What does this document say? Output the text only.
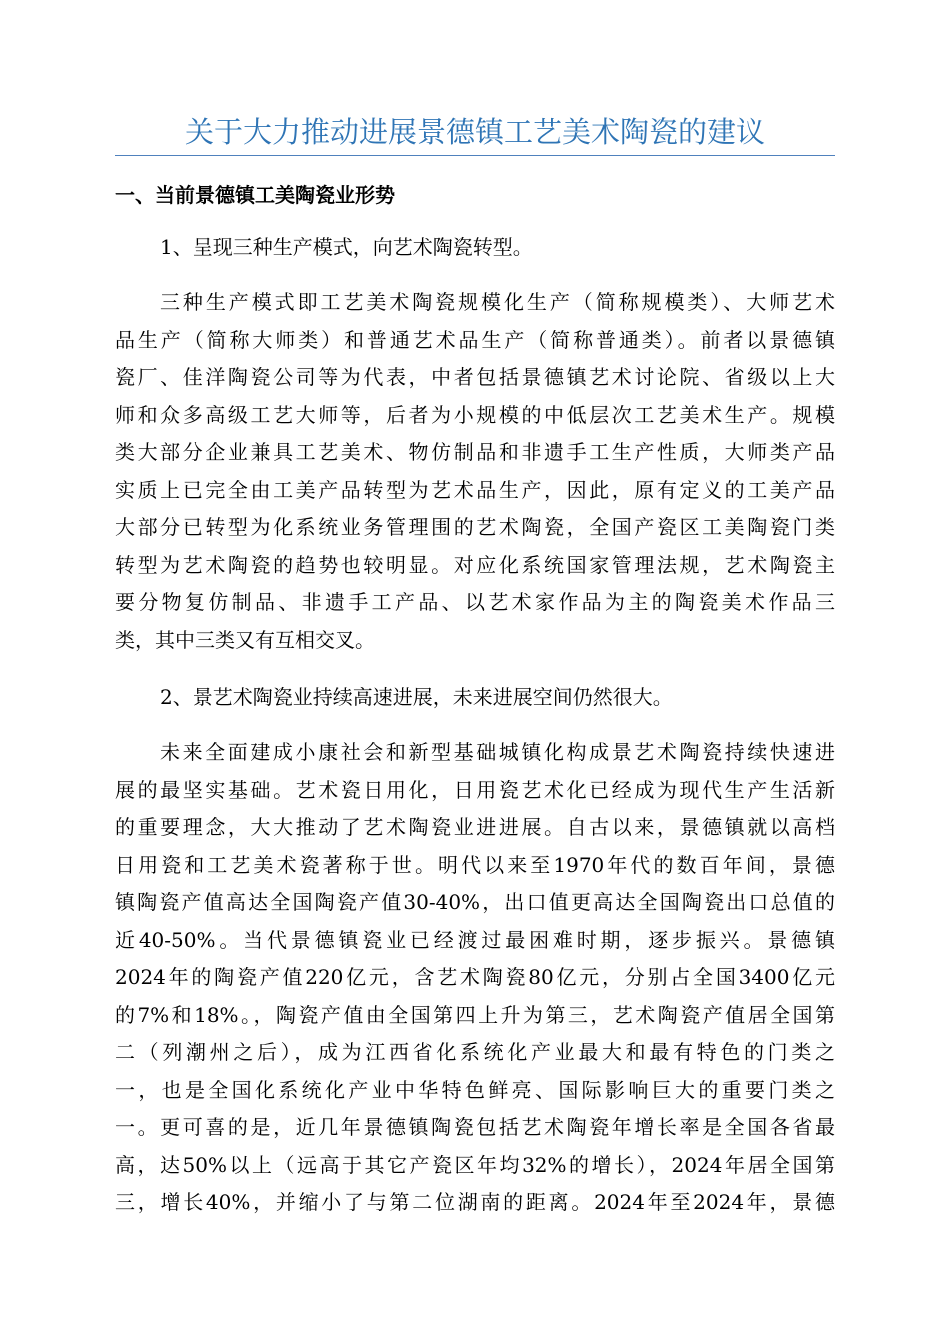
关于大力推动进展景德镇工艺美术陶瓷的建议
一、当前景德镇工美陶瓷业形势
1、呈现三种生产模式，向艺术陶瓷转型。
三种生产模式即工艺美术陶瓷规模化生产（简称规模类）、大师艺术
品生产（简称大师类）和普通艺术品生产（简称普通类）。前者以景德镇
瓷厂、佳洋陶瓷公司等为代表，中者包括景德镇艺术讨论院、省级以上大
师和众多高级工艺大师等，后者为小规模的中低层次工艺美术生产。规模
类大部分企业兼具工艺美术、物仿制品和非遗手工生产性质，大师类产品
实质上已完全由工美产品转型为艺术品生产，因此，原有定义的工美产品
大部分已转型为化系统业务管理围的艺术陶瓷，全国产瓷区工美陶瓷门类
转型为艺术陶瓷的趋势也较明显。对应化系统国家管理法规，艺术陶瓷主
要分物复仿制品、非遗手工产品、以艺术家作品为主的陶瓷美术作品三
类，其中三类又有互相交叉。
2、景艺术陶瓷业持续高速进展，未来进展空间仍然很大。
未来全面建成小康社会和新型基础城镇化构成景艺术陶瓷持续快速进
展的最坚实基础。艺术瓷日用化，日用瓷艺术化已经成为现代生产生活新
的重要理念，大大推动了艺术陶瓷业进进展。自古以来，景德镇就以高档
日用瓷和工艺美术瓷著称于世。明代以来至1970年代的数百年间，景德
镇陶瓷产值高达全国陶瓷产值30-40%，出口值更高达全国陶瓷出口总值的
近40-50%。当代景德镇瓷业已经渡过最困难时期，逐步振兴。景德镇
2024年的陶瓷产值220亿元，含艺术陶瓷80亿元，分别占全国3400亿元
的7%和18%。，陶瓷产值由全国第四上升为第三，艺术陶瓷产值居全国第
二（列潮州之后），成为江西省化系统化产业最大和最有特色的门类之
一，也是全国化系统化产业中华特色鲜亮、国际影响巨大的重要门类之
一。更可喜的是，近几年景德镇陶瓷包括艺术陶瓷年增长率是全国各省最
高，达50%以上（远高于其它产瓷区年均32%的增长），2024年居全国第
三，增长40%，并缩小了与第二位湖南的距离。2024年至2024年，景德
